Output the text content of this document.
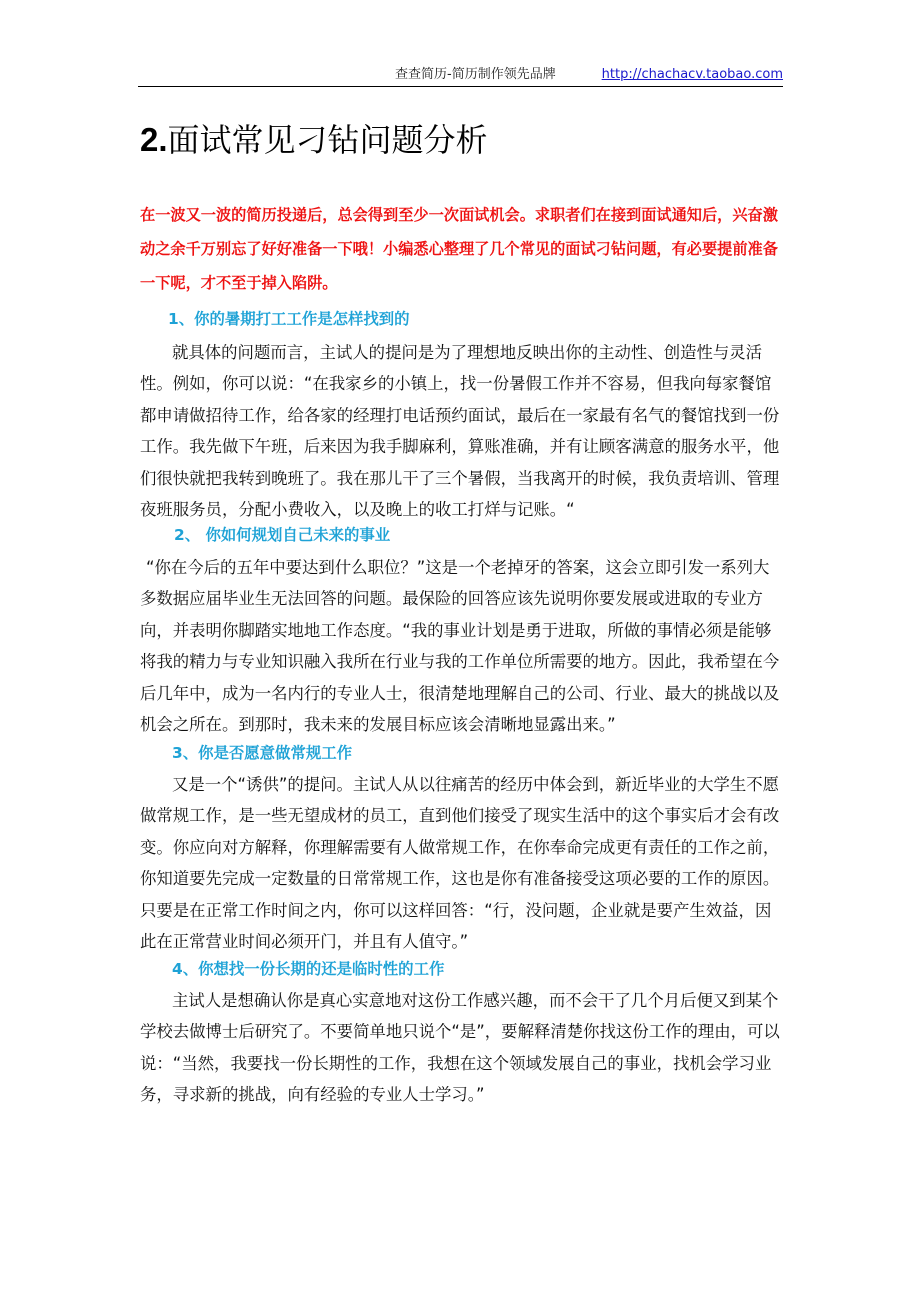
查查简历-简历制作领先品牌	http://chachacv.taobao.com
2.面试常见刁钻问题分析

在一波又一波的简历投递后，总会得到至少一次面试机会。求职者们在接到面试通知后，兴奋激动之余千万别忘了好好准备一下哦！小编悉心整理了几个常见的面试刁钻问题，有必要提前准备一下呢，才不至于掉入陷阱。

1、你的暑期打工工作是怎样找到的

就具体的问题而言，主试人的提问是为了理想地反映出你的主动性、创造性与灵活性。例如，你可以说：“在我家乡的小镇上，找一份暑假工作并不容易，但我向每家餐馆都申请做招待工作，给各家的经理打电话预约面试，最后在一家最有名气的餐馆找到一份工作。我先做下午班，后来因为我手脚麻利，算账准确，并有让顾客满意的服务水平，他们很快就把我转到晚班了。我在那儿干了三个暑假，当我离开的时候，我负责培训、管理夜班服务员，分配小费收入，以及晚上的收工打烊与记账。“

2、 你如何规划自己未来的事业

“你在今后的五年中要达到什么职位？”这是一个老掉牙的答案，这会立即引发一系列大多数据应届毕业生无法回答的问题。最保险的回答应该先说明你要发展或进取的专业方向，并表明你脚踏实地地工作态度。“我的事业计划是勇于进取，所做的事情必须是能够将我的精力与专业知识融入我所在行业与我的工作单位所需要的地方。因此，我希望在今后几年中，成为一名内行的专业人士，很清楚地理解自己的公司、行业、最大的挑战以及机会之所在。到那时，我未来的发展目标应该会清晰地显露出来。”

3、你是否愿意做常规工作

又是一个“诱供”的提问。主试人从以往痛苦的经历中体会到，新近毕业的大学生不愿做常规工作，是一些无望成材的员工，直到他们接受了现实生活中的这个事实后才会有改变。你应向对方解释，你理解需要有人做常规工作，在你奉命完成更有责任的工作之前，你知道要先完成一定数量的日常常规工作，这也是你有准备接受这项必要的工作的原因。只要是在正常工作时间之内，你可以这样回答：“行，没问题，企业就是要产生效益，因此在正常营业时间必须开门，并且有人值守。”

4、你想找一份长期的还是临时性的工作

主试人是想确认你是真心实意地对这份工作感兴趣，而不会干了几个月后便又到某个学校去做博士后研究了。不要简单地只说个“是”，要解释清楚你找这份工作的理由，可以说：“当然，我要找一份长期性的工作，我想在这个领域发展自己的事业，找机会学习业务，寻求新的挑战，向有经验的专业人士学习。”
